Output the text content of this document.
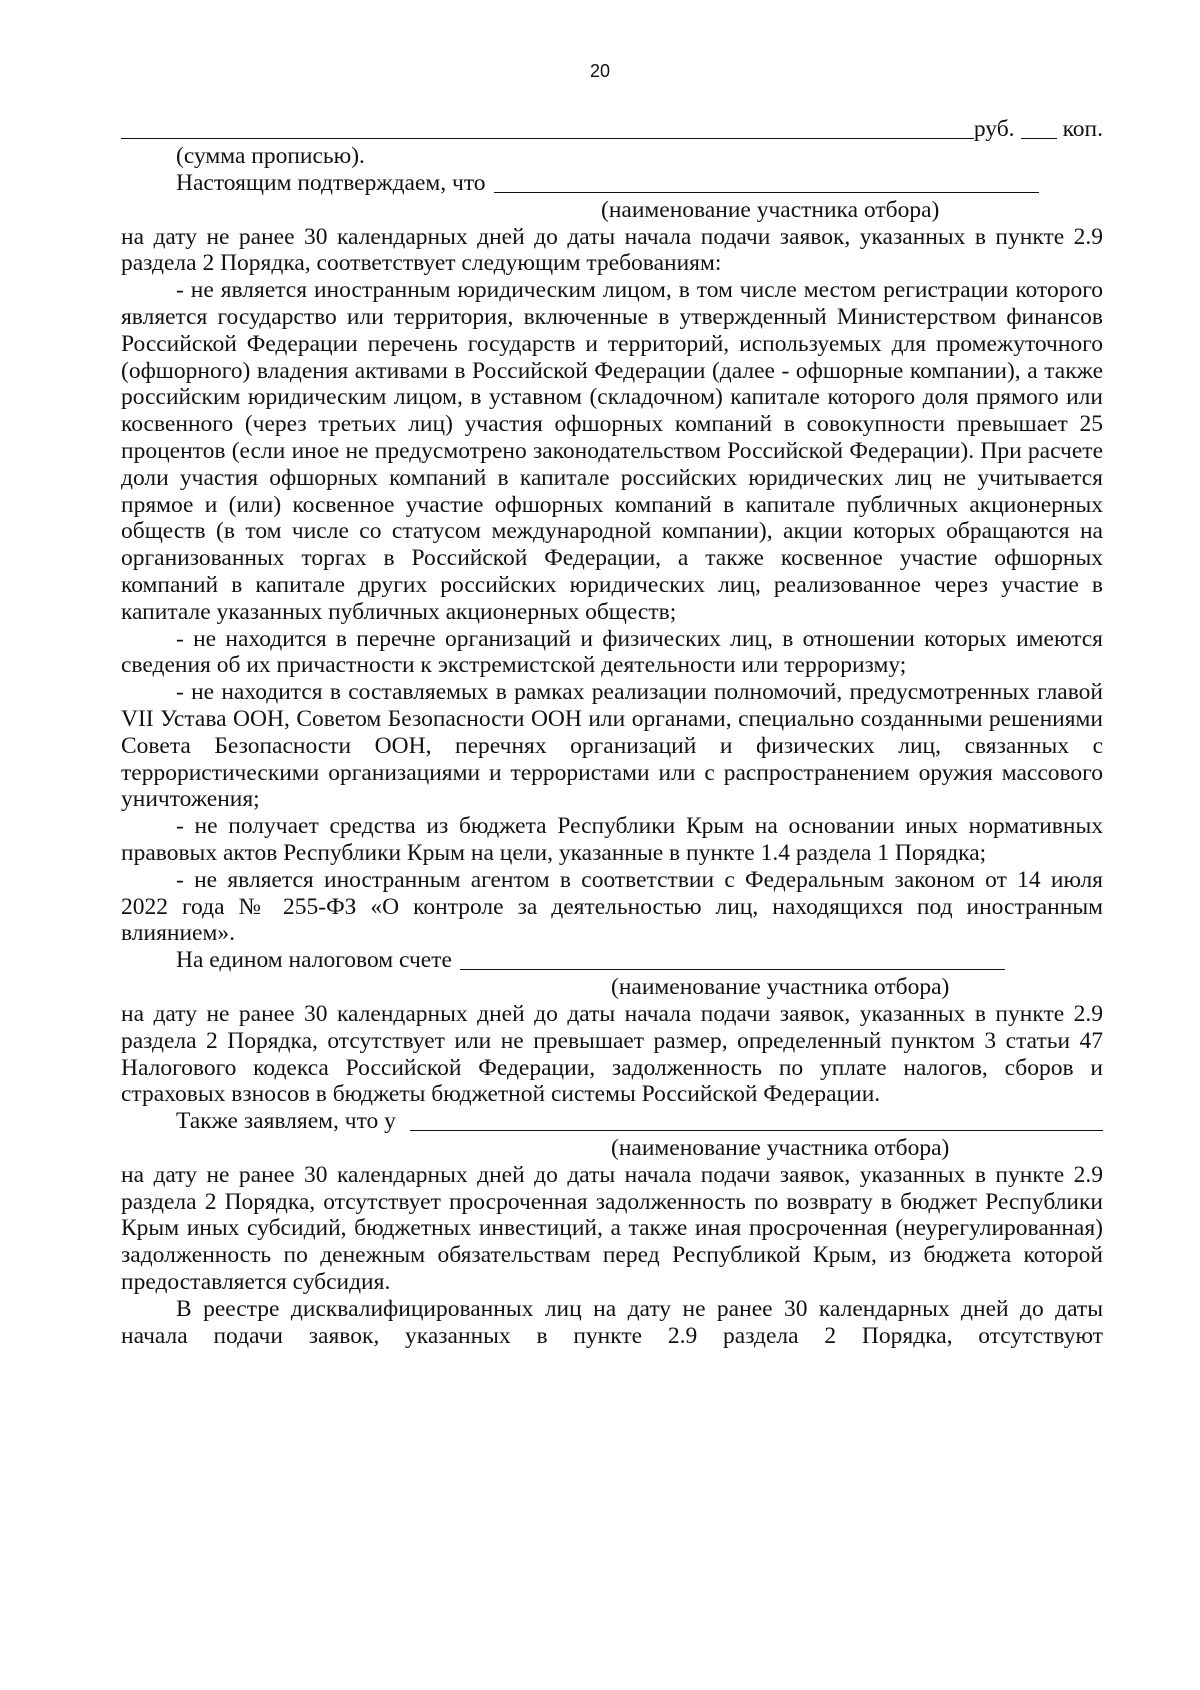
20
руб. коп.

(сумма прописью).

Настоящим подтверждаем, что
(наименование участника отбора)

на дату не ранее 30 календарных дней до даты начала подачи заявок, указанных в пункте 2.9 раздела 2 Порядка, соответствует следующим требованиям:

- не является иностранным юридическим лицом, в том числе местом регистрации которого является государство или территория, включенные в утвержденный Министерством финансов Российской Федерации перечень государств и территорий, используемых для промежуточного (офшорного) владения активами в Российской Федерации (далее - офшорные компании), а также российским юридическим лицом, в уставном (складочном) капитале которого доля прямого или косвенного (через третьих лиц) участия офшорных компаний в совокупности превышает 25 процентов (если иное не предусмотрено законодательством Российской Федерации). При расчете доли участия офшорных компаний в капитале российских юридических лиц не учитывается прямое и (или) косвенное участие офшорных компаний в капитале публичных акционерных обществ (в том числе со статусом международной компании), акции которых обращаются на организованных торгах в Российской Федерации, а также косвенное участие офшорных компаний в капитале других российских юридических лиц, реализованное через участие в капитале указанных публичных акционерных обществ;

- не находится в перечне организаций и физических лиц, в отношении которых имеются сведения об их причастности к экстремистской деятельности или терроризму;

- не находится в составляемых в рамках реализации полномочий, предусмотренных главой VII Устава ООН, Советом Безопасности ООН или органами, специально созданными решениями Совета Безопасности ООН, перечнях организаций и физических лиц, связанных с террористическими организациями и террористами или с распространением оружия массового уничтожения;

- не получает средства из бюджета Республики Крым на основании иных нормативных правовых актов Республики Крым на цели, указанные в пункте 1.4 раздела 1 Порядка;

- не является иностранным агентом в соответствии с Федеральным законом от 14 июля 2022 года № 255-ФЗ «О контроле за деятельностью лиц, находящихся под иностранным влиянием».

На едином налоговом счете
(наименование участника отбора)

на дату не ранее 30 календарных дней до даты начала подачи заявок, указанных в пункте 2.9 раздела 2 Порядка, отсутствует или не превышает размер, определенный пунктом 3 статьи 47 Налогового кодекса Российской Федерации, задолженность по уплате налогов, сборов и страховых взносов в бюджеты бюджетной системы Российской Федерации.

Также заявляем, что у
(наименование участника отбора)

на дату не ранее 30 календарных дней до даты начала подачи заявок, указанных в пункте 2.9 раздела 2 Порядка, отсутствует просроченная задолженность по возврату в бюджет Республики Крым иных субсидий, бюджетных инвестиций, а также иная просроченная (неурегулированная) задолженность по денежным обязательствам перед Республикой Крым, из бюджета которой предоставляется субсидия.

В реестре дисквалифицированных лиц на дату не ранее 30 календарных дней до даты начала подачи заявок, указанных в пункте 2.9 раздела 2 Порядка, отсутствуют
